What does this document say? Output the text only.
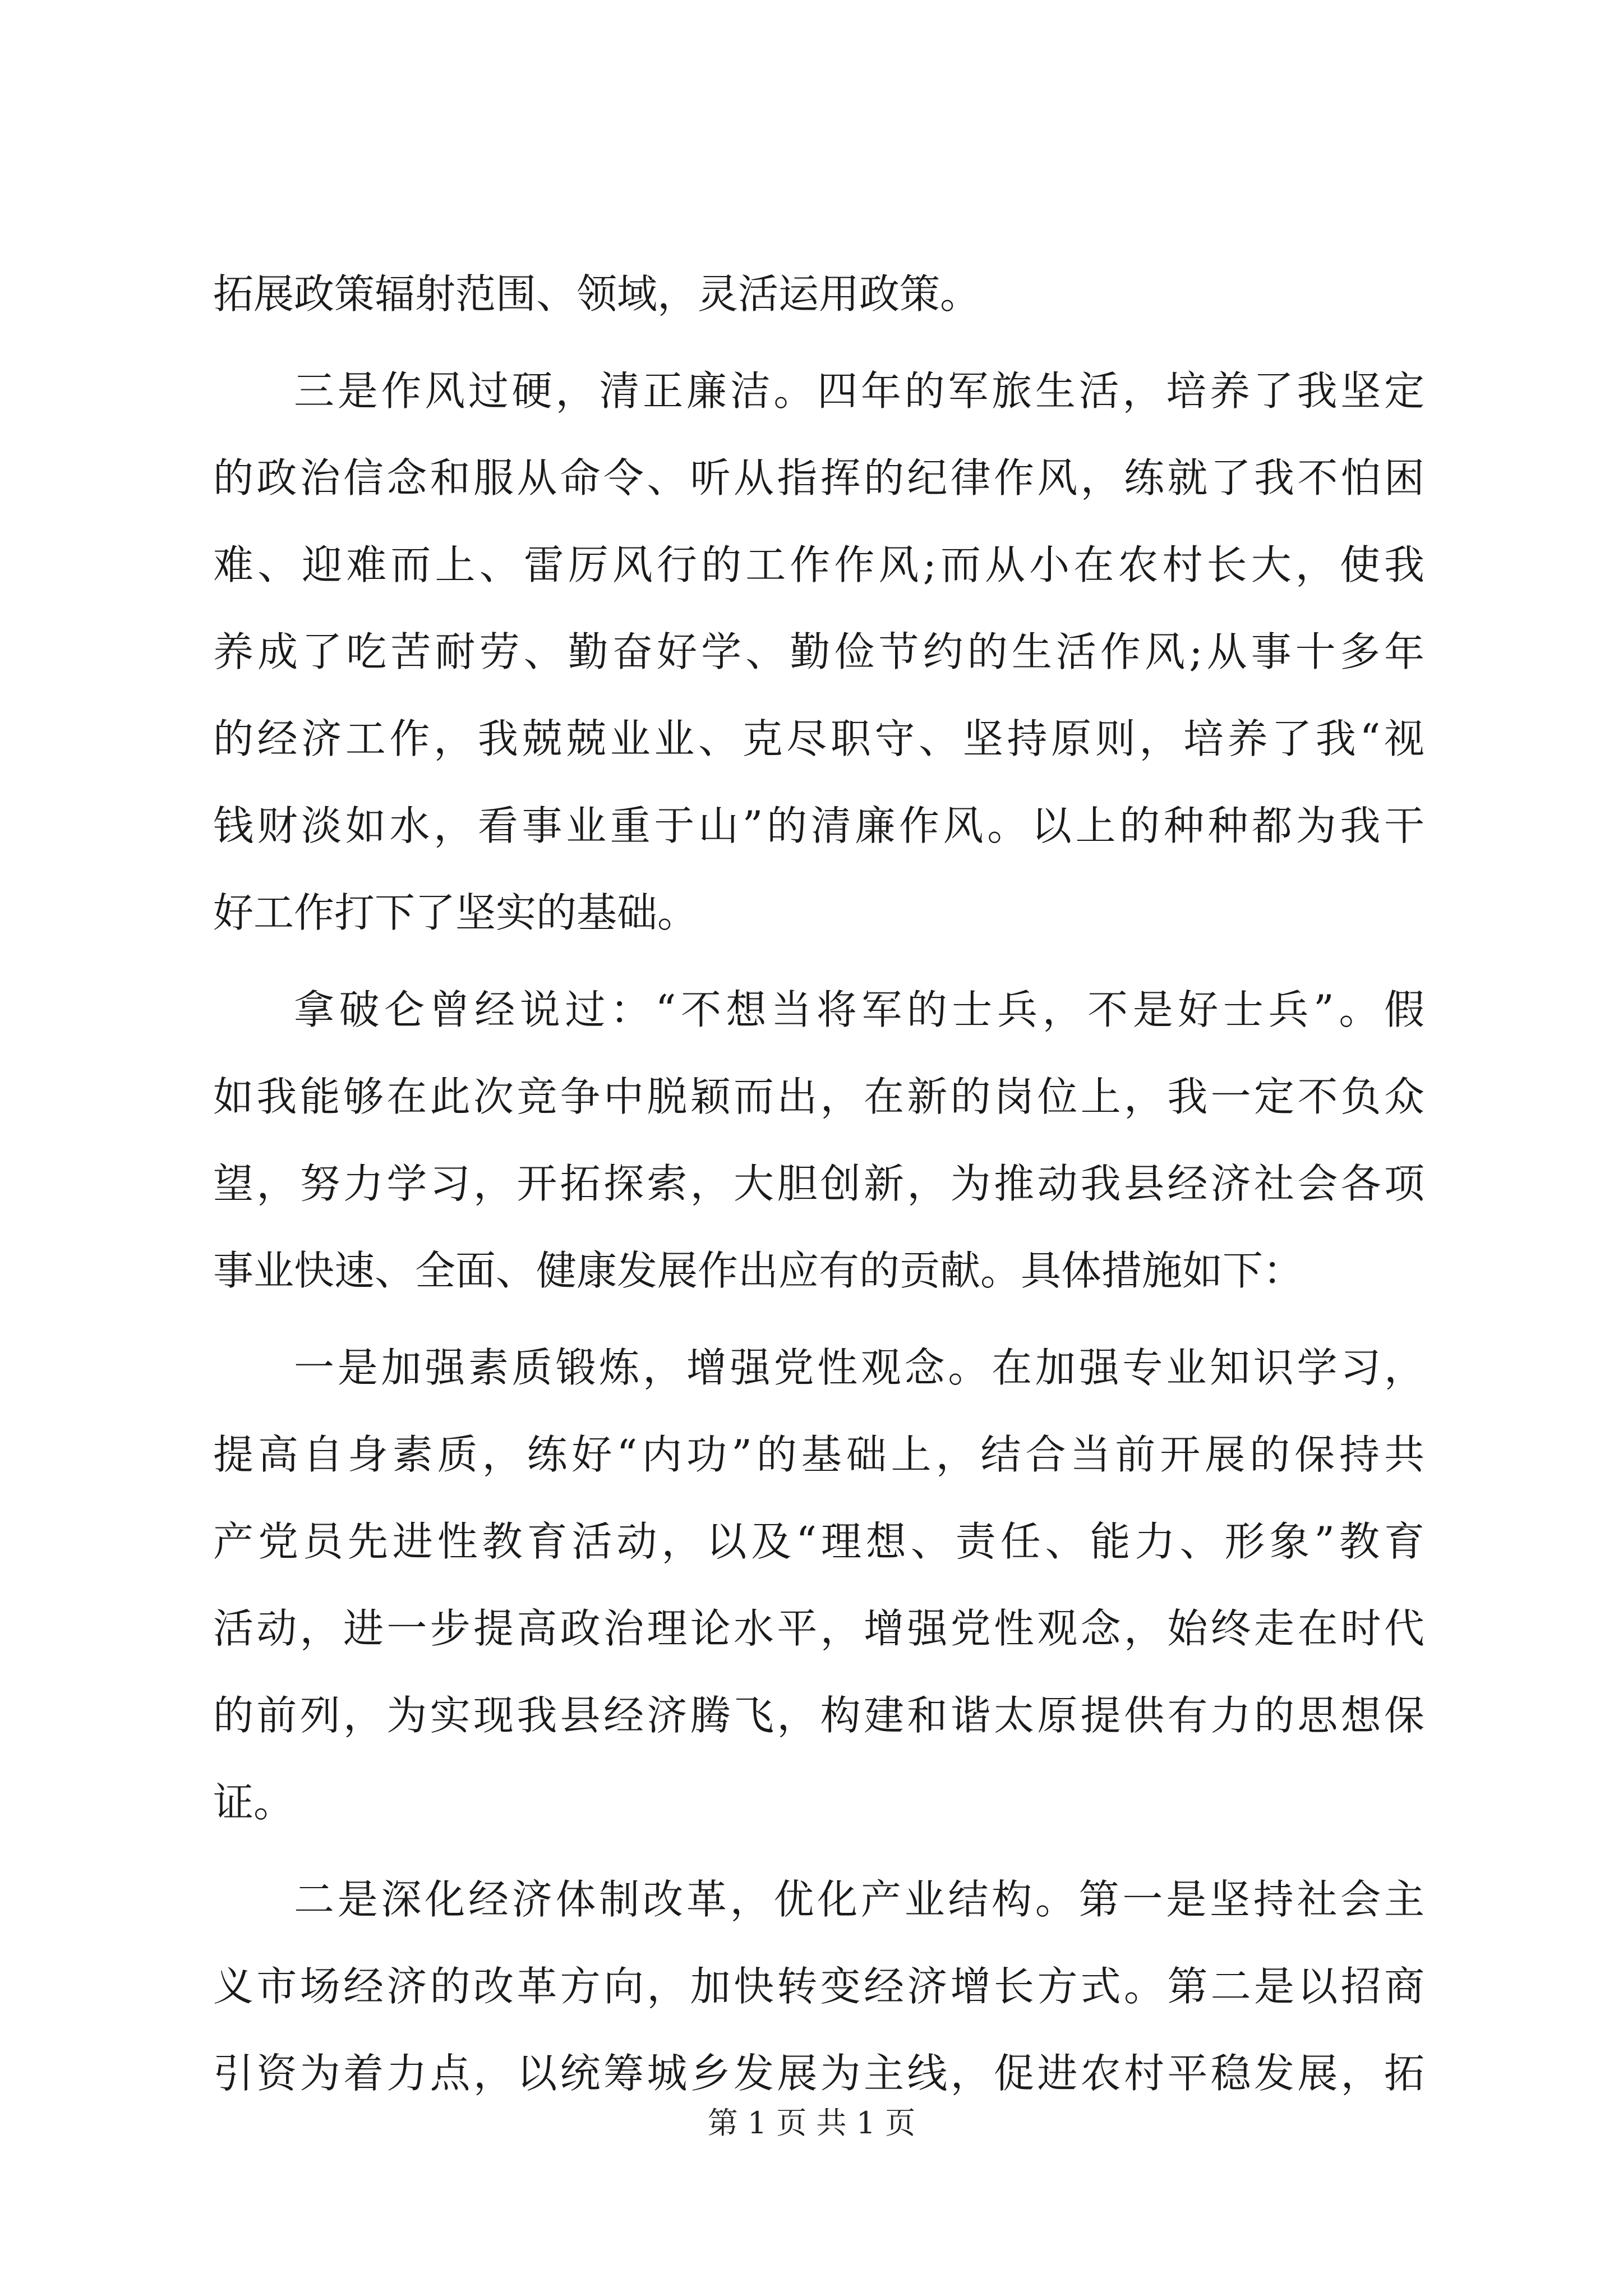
拓展政策辐射范围、领域，灵活运用政策。
三是作风过硬，清正廉洁。四年的军旅生活，培养了我坚定
的政治信念和服从命令、听从指挥的纪律作风，练就了我不怕困
难、迎难而上、雷厉风行的工作作风;而从小在农村长大，使我
养成了吃苦耐劳、勤奋好学、勤俭节约的生活作风;从事十多年
的经济工作，我兢兢业业、克尽职守、坚持原则，培养了我“视
钱财淡如水，看事业重于山”的清廉作风。以上的种种都为我干
好工作打下了坚实的基础。
拿破仑曾经说过：“不想当将军的士兵，不是好士兵”。假
如我能够在此次竞争中脱颖而出，在新的岗位上，我一定不负众
望，努力学习，开拓探索，大胆创新，为推动我县经济社会各项
事业快速、全面、健康发展作出应有的贡献。具体措施如下：
一是加强素质锻炼，增强党性观念。在加强专业知识学习，
提高自身素质，练好“内功”的基础上，结合当前开展的保持共
产党员先进性教育活动，以及“理想、责任、能力、形象”教育
活动，进一步提高政治理论水平，增强党性观念，始终走在时代
的前列，为实现我县经济腾飞，构建和谐太原提供有力的思想保
证。
二是深化经济体制改革，优化产业结构。第一是坚持社会主
义市场经济的改革方向，加快转变经济增长方式。第二是以招商
引资为着力点，以统筹城乡发展为主线，促进农村平稳发展，拓
第 1 页 共 1 页
